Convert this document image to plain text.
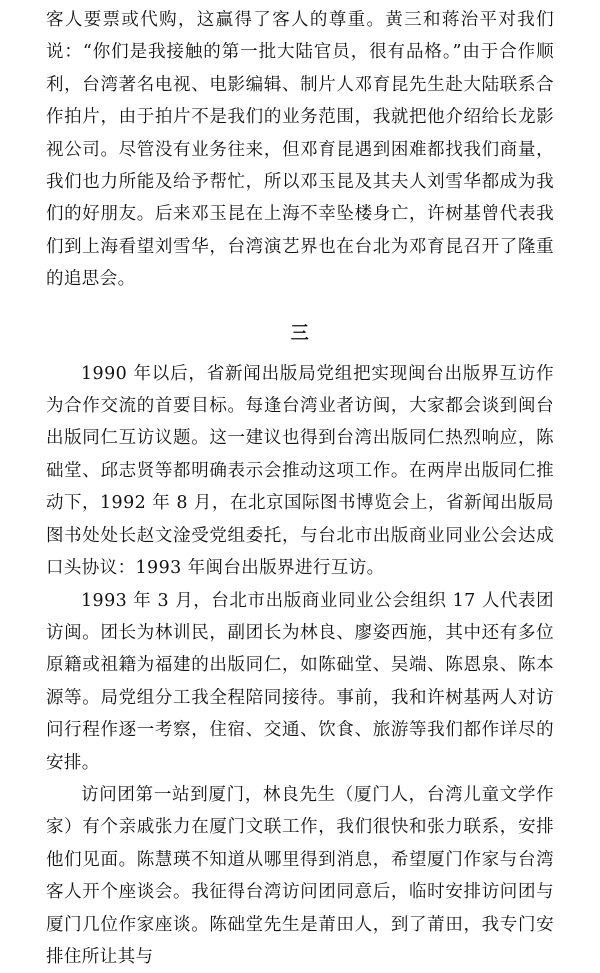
客人要票或代购，这赢得了客人的尊重。黄三和蒋治平对我们说：“你们是我接触的第一批大陆官员，很有品格。”由于合作顺利，台湾著名电视、电影编辑、制片人邓育昆先生赴大陆联系合作拍片，由于拍片不是我们的业务范围，我就把他介绍给长龙影视公司。尽管没有业务往来，但邓育昆遇到困难都找我们商量，我们也力所能及给予帮忙，所以邓玉昆及其夫人刘雪华都成为我们的好朋友。后来邓玉昆在上海不幸坠楼身亡，许树基曾代表我们到上海看望刘雪华，台湾演艺界也在台北为邓育昆召开了隆重的追思会。

三

1990 年以后，省新闻出版局党组把实现闽台出版界互访作为合作交流的首要目标。每逢台湾业者访闽，大家都会谈到闽台出版同仁互访议题。这一建议也得到台湾出版同仁热烈响应，陈础堂、邱志贤等都明确表示会推动这项工作。在两岸出版同仁推动下，1992 年 8 月，在北京国际图书博览会上，省新闻出版局图书处处长赵文淦受党组委托，与台北市出版商业同业公会达成口头协议：1993 年闽台出版界进行互访。

1993 年 3 月，台北市出版商业同业公会组织 17 人代表团访闽。团长为林训民，副团长为林良、廖姿西施，其中还有多位原籍或祖籍为福建的出版同仁，如陈础堂、吴端、陈恩泉、陈本源等。局党组分工我全程陪同接待。事前，我和许树基两人对访问行程作逐一考察，住宿、交通、饮食、旅游等我们都作详尽的安排。

访问团第一站到厦门，林良先生（厦门人，台湾儿童文学作家）有个亲戚张力在厦门文联工作，我们很快和张力联系，安排他们见面。陈慧瑛不知道从哪里得到消息，希望厦门作家与台湾客人开个座谈会。我征得台湾访问团同意后，临时安排访问团与厦门几位作家座谈。陈础堂先生是莆田人，到了莆田，我专门安排住所让其与
